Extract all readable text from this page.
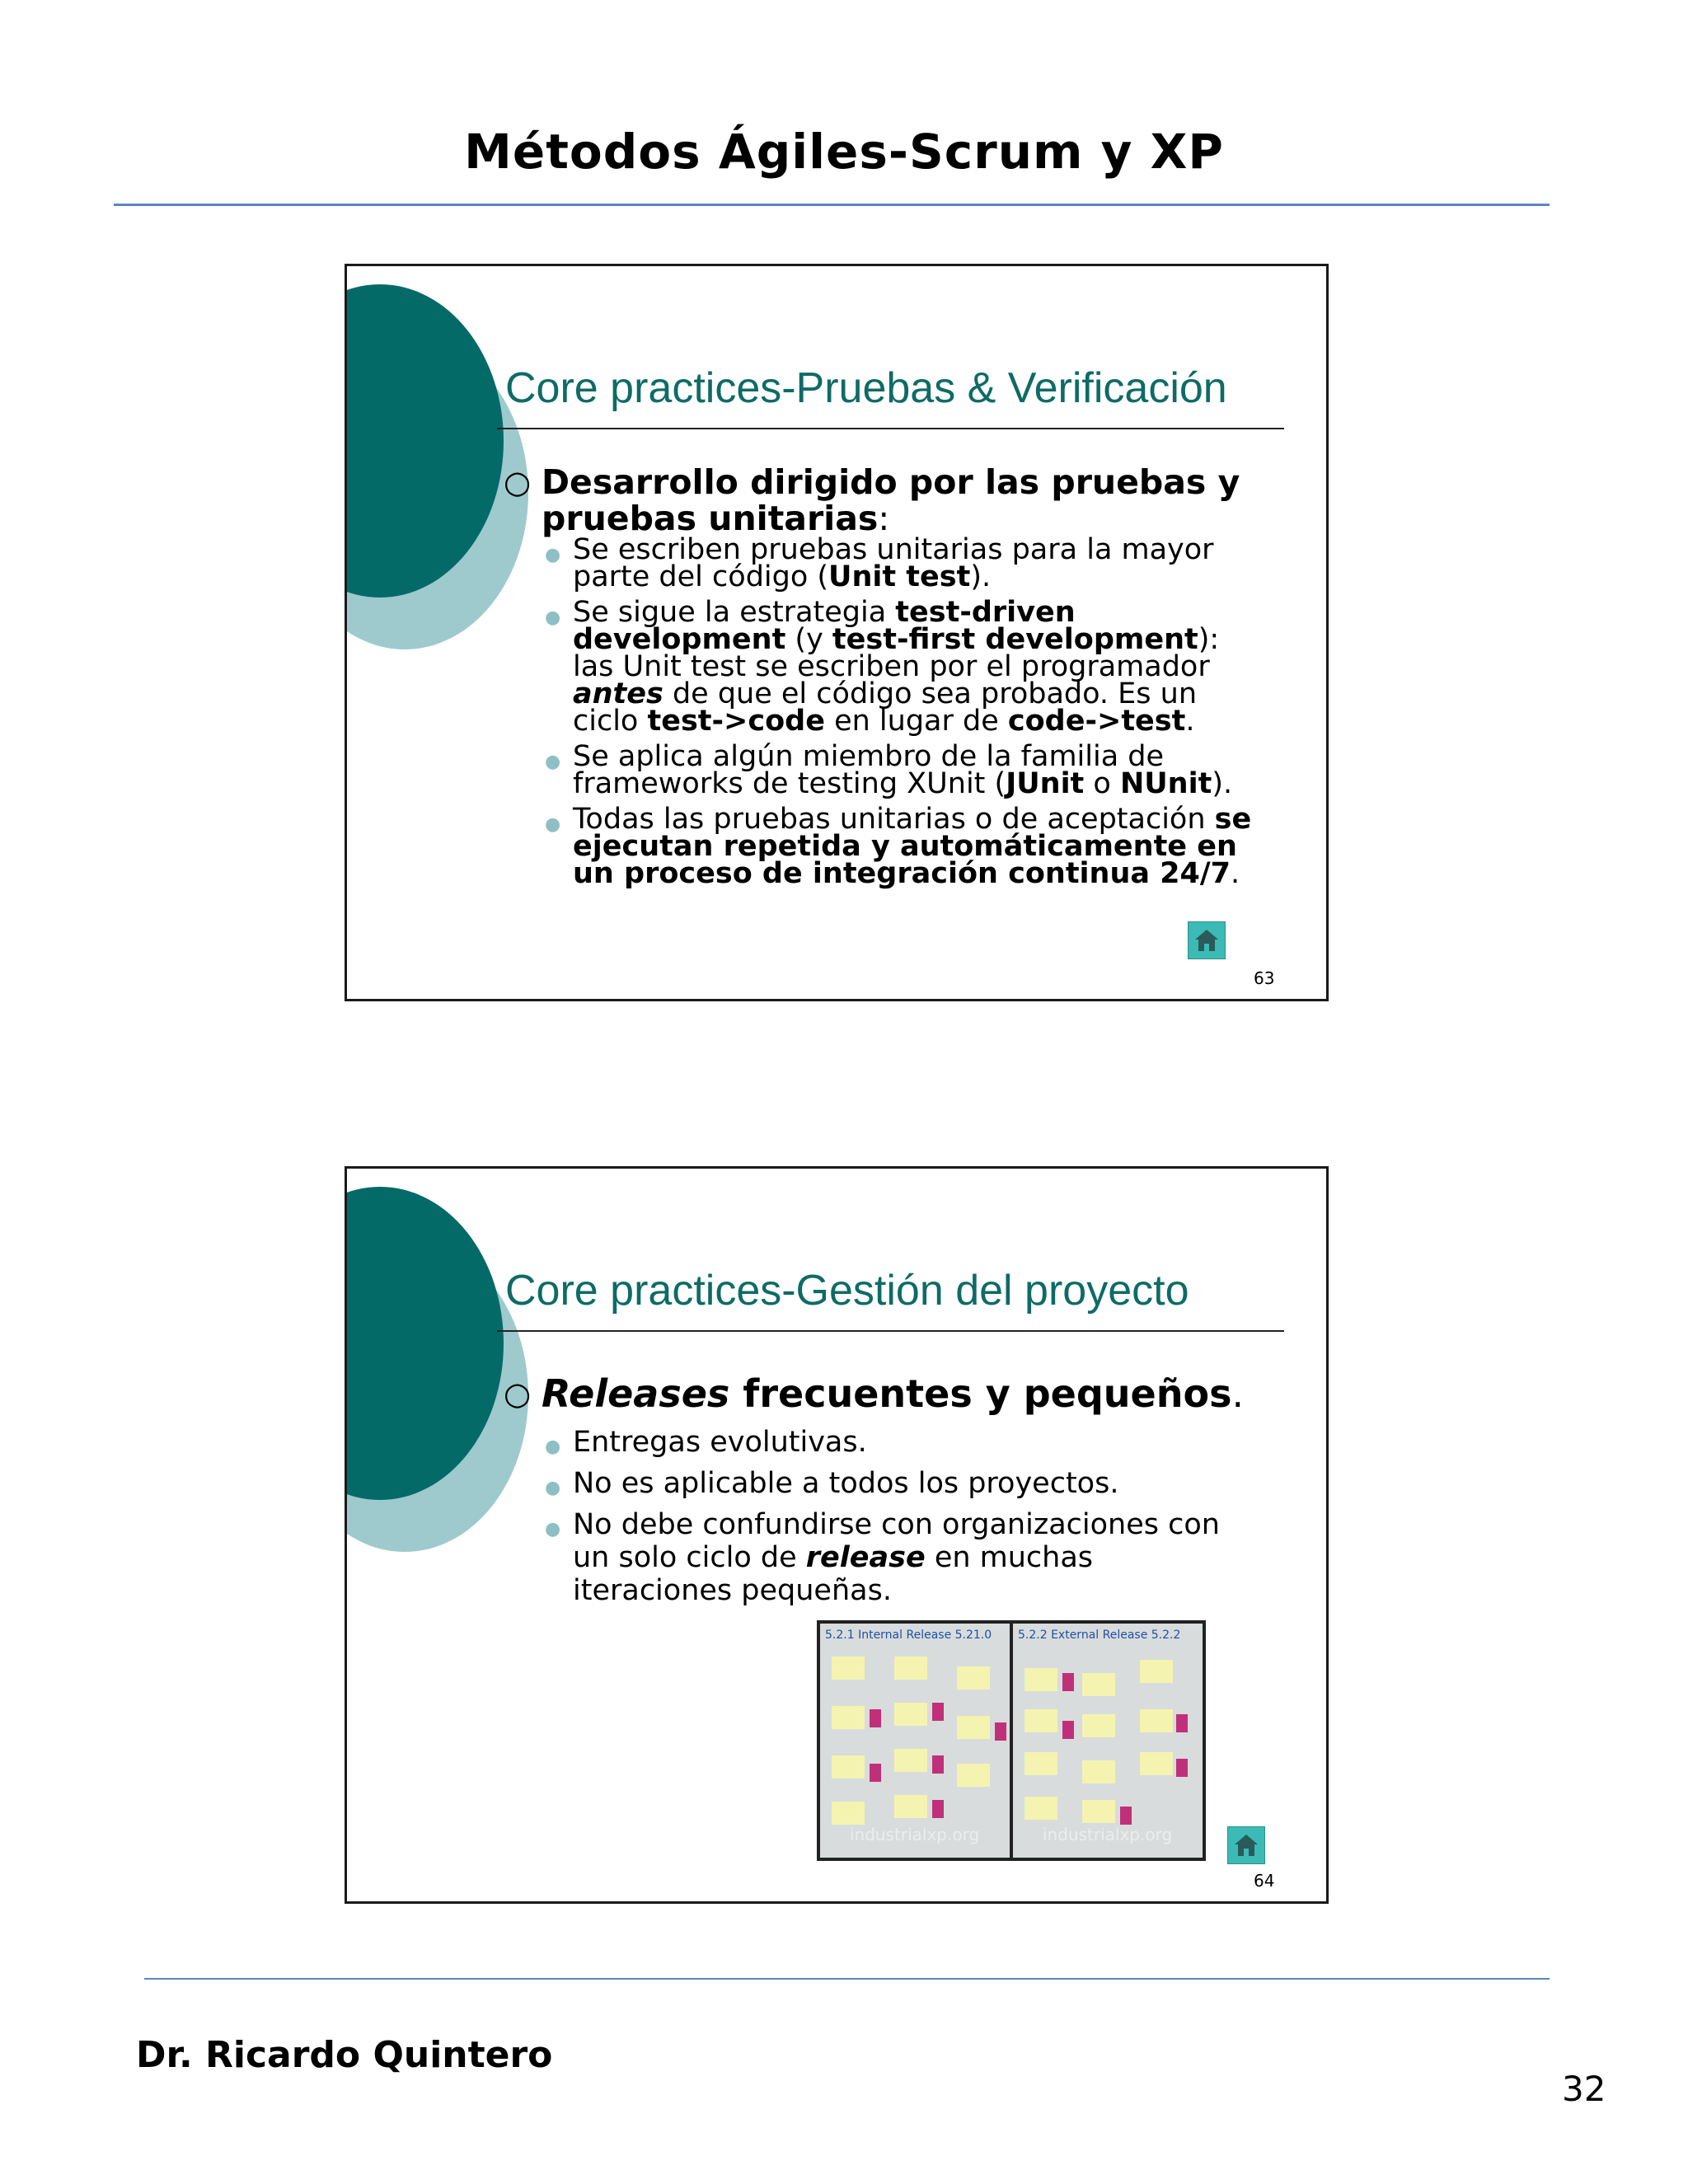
Métodos Ágiles-Scrum y XP
Core practices-Pruebas & Verificación
○ Desarrollo dirigido por las pruebas y pruebas unitarias:
● Se escriben pruebas unitarias para la mayor parte del código (Unit test).
● Se sigue la estrategia test-driven development (y test-first development): las Unit test se escriben por el programador antes de que el código sea probado. Es un ciclo test->code en lugar de code->test.
● Se aplica algún miembro de la familia de frameworks de testing XUnit (JUnit o NUnit).
● Todas las pruebas unitarias o de aceptación se ejecutan repetida y automáticamente en un proceso de integración continua 24/7.
63
Core practices-Gestión del proyecto
○ Releases frecuentes y pequeños.
● Entregas evolutivas.
● No es aplicable a todos los proyectos.
● No debe confundirse con organizaciones con un solo ciclo de release en muchas iteraciones pequeñas.
5.2.1 Internal Release 5.21.0
industrialxp.org
5.2.2 External Release 5.2.2
industrialxp.org
64
Dr. Ricardo Quintero
32
